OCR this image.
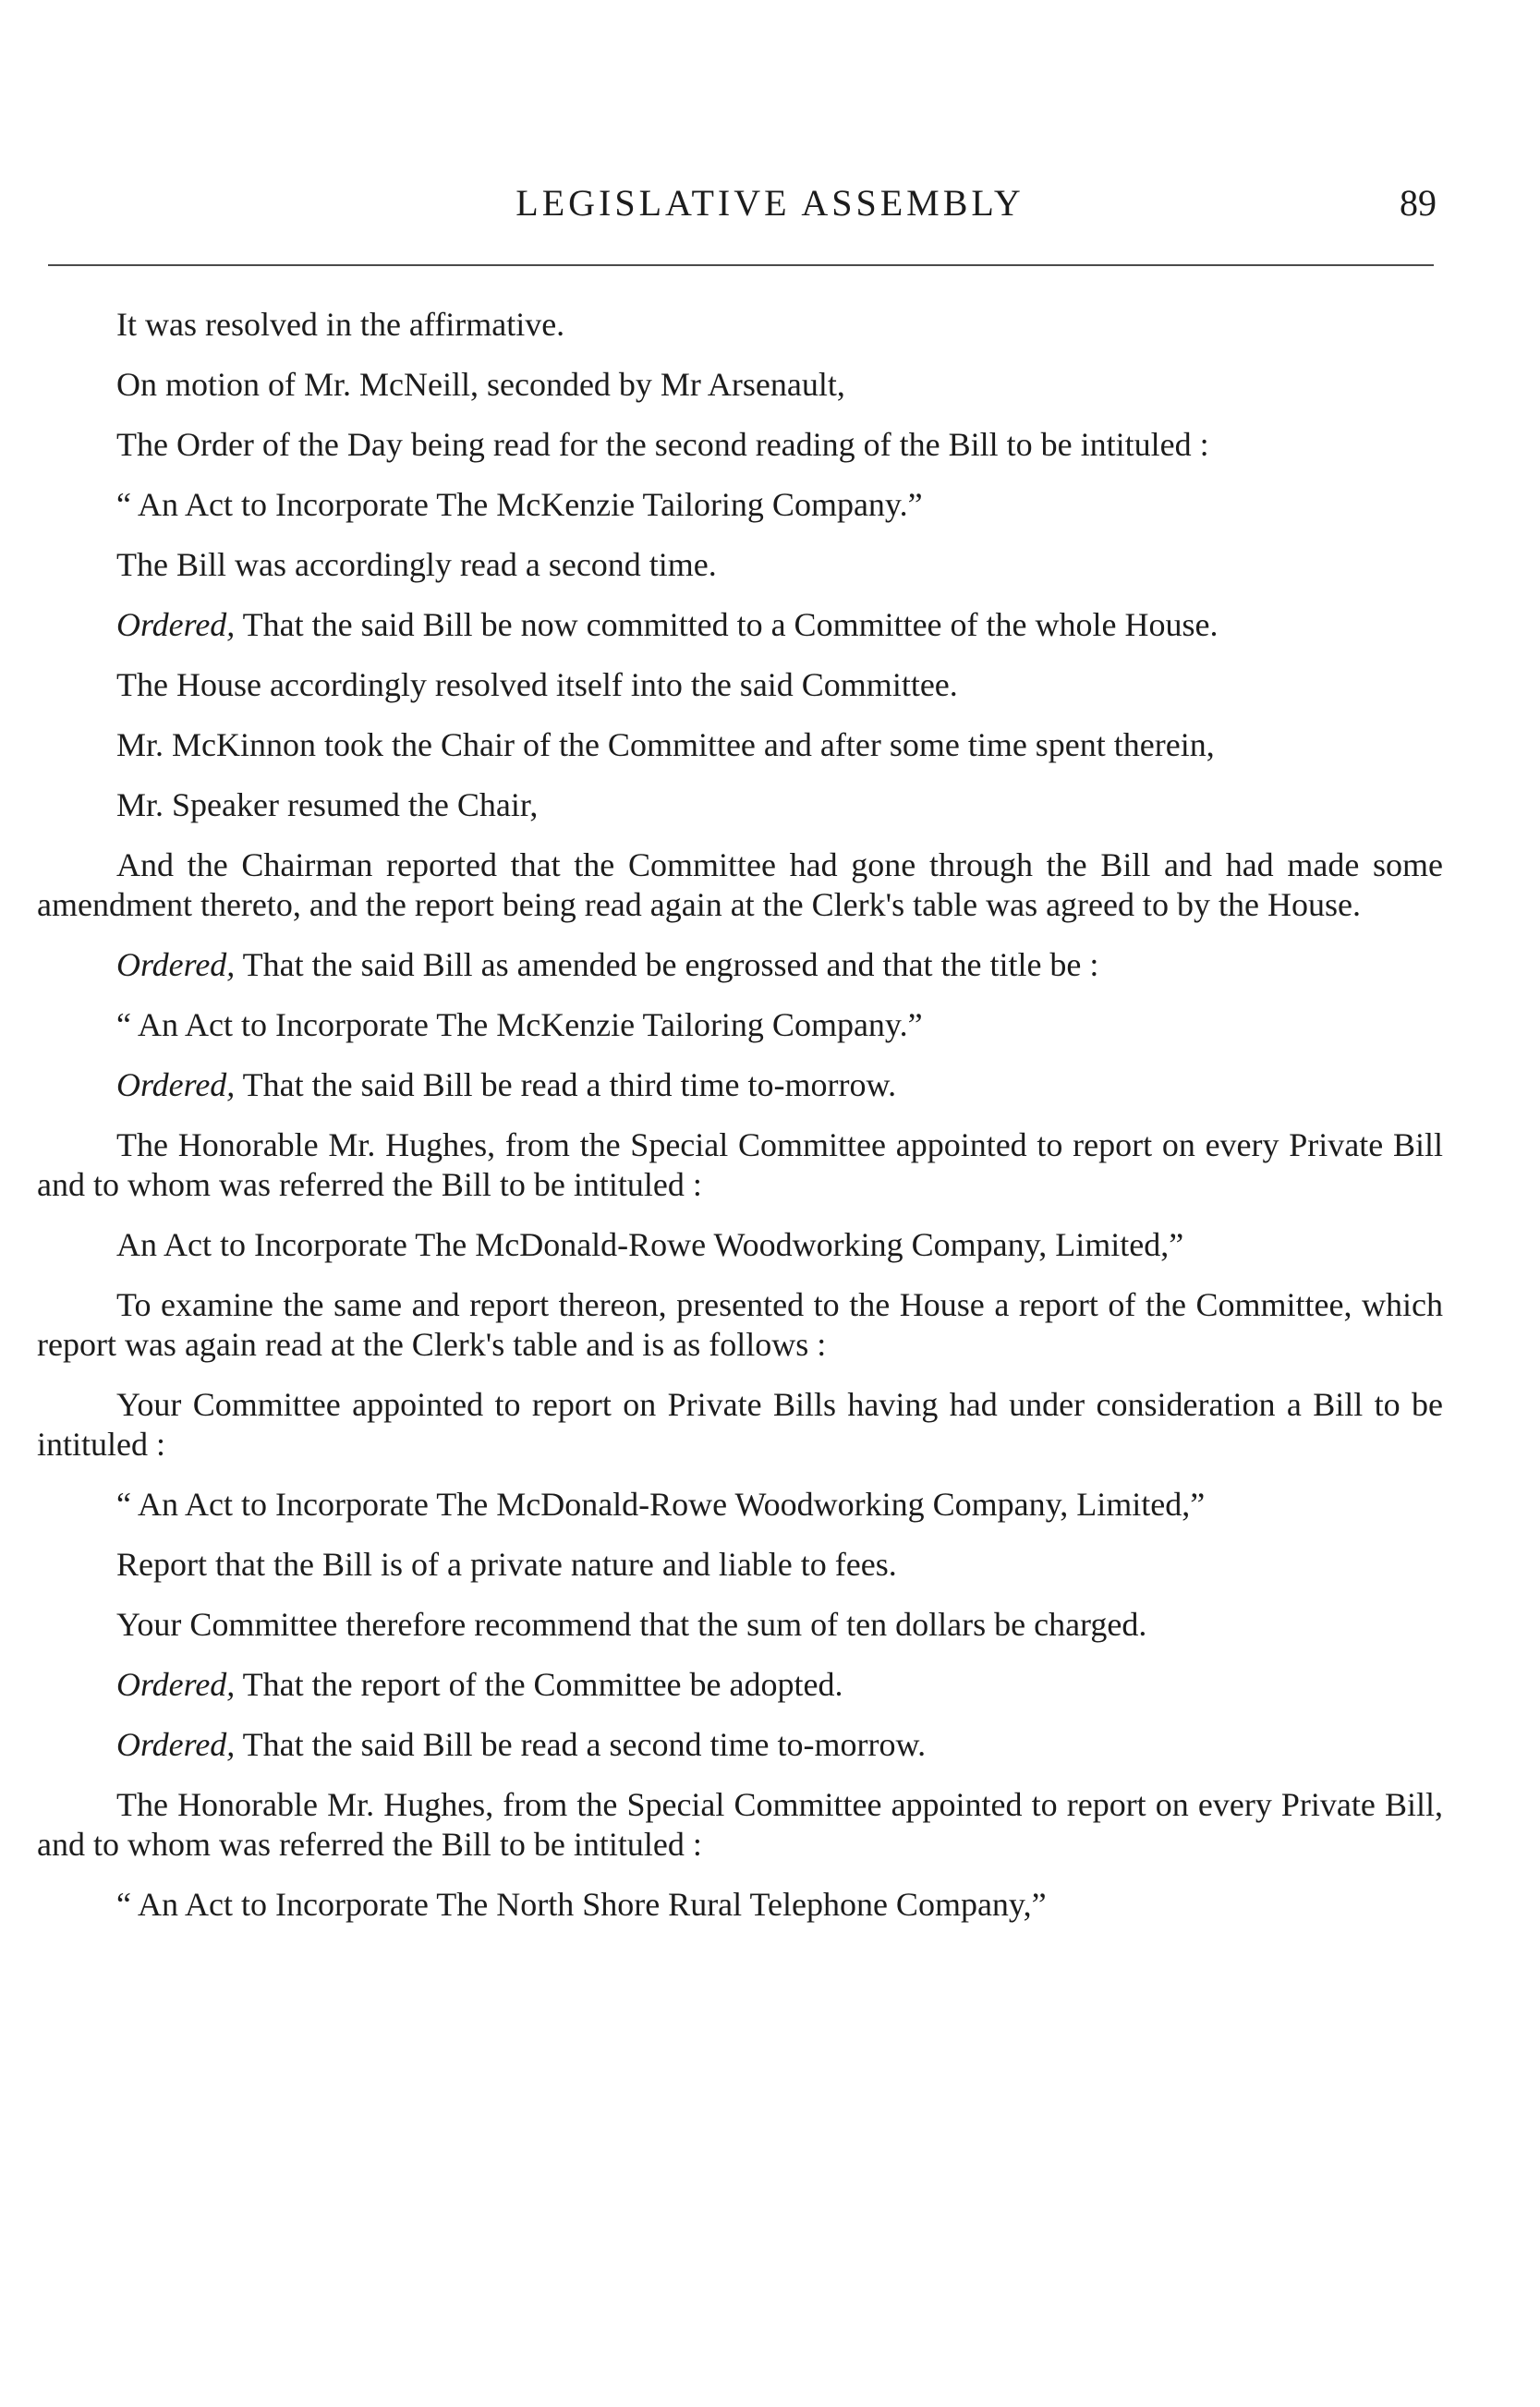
LEGISLATIVE ASSEMBLY	89

It was resolved in the affirmative.

On motion of Mr. McNeill, seconded by Mr Arsenault,

The Order of the Day being read for the second reading of the Bill to be intituled :

“ An Act to Incorporate The McKenzie Tailoring Company.”

The Bill was accordingly read a second time.

Ordered, That the said Bill be now committed to a Committee of the whole House.

The House accordingly resolved itself into the said Committee.

Mr. McKinnon took the Chair of the Committee and after some time spent therein,

Mr. Speaker resumed the Chair,

And the Chairman reported that the Committee had gone through the Bill and had made some amendment thereto, and the report being read again at the Clerk's table was agreed to by the House.

Ordered, That the said Bill as amended be engrossed and that the title be :

“ An Act to Incorporate The McKenzie Tailoring Company.”

Ordered, That the said Bill be read a third time to-morrow.

The Honorable Mr. Hughes, from the Special Committee appointed to report on every Private Bill and to whom was referred the Bill to be intituled :

An Act to Incorporate The McDonald-Rowe Woodworking Company, Limited,”

To examine the same and report thereon, presented to the House a report of the Committee, which report was again read at the Clerk's table and is as follows :

Your Committee appointed to report on Private Bills having had under consideration a Bill to be intituled :

“ An Act to Incorporate The McDonald-Rowe Woodworking Company, Limited,”

Report that the Bill is of a private nature and liable to fees.

Your Committee therefore recommend that the sum of ten dollars be charged.

Ordered, That the report of the Committee be adopted.

Ordered, That the said Bill be read a second time to-morrow.

The Honorable Mr. Hughes, from the Special Committee appointed to report on every Private Bill, and to whom was referred the Bill to be intituled :

“ An Act to Incorporate The North Shore Rural Telephone Company,”
